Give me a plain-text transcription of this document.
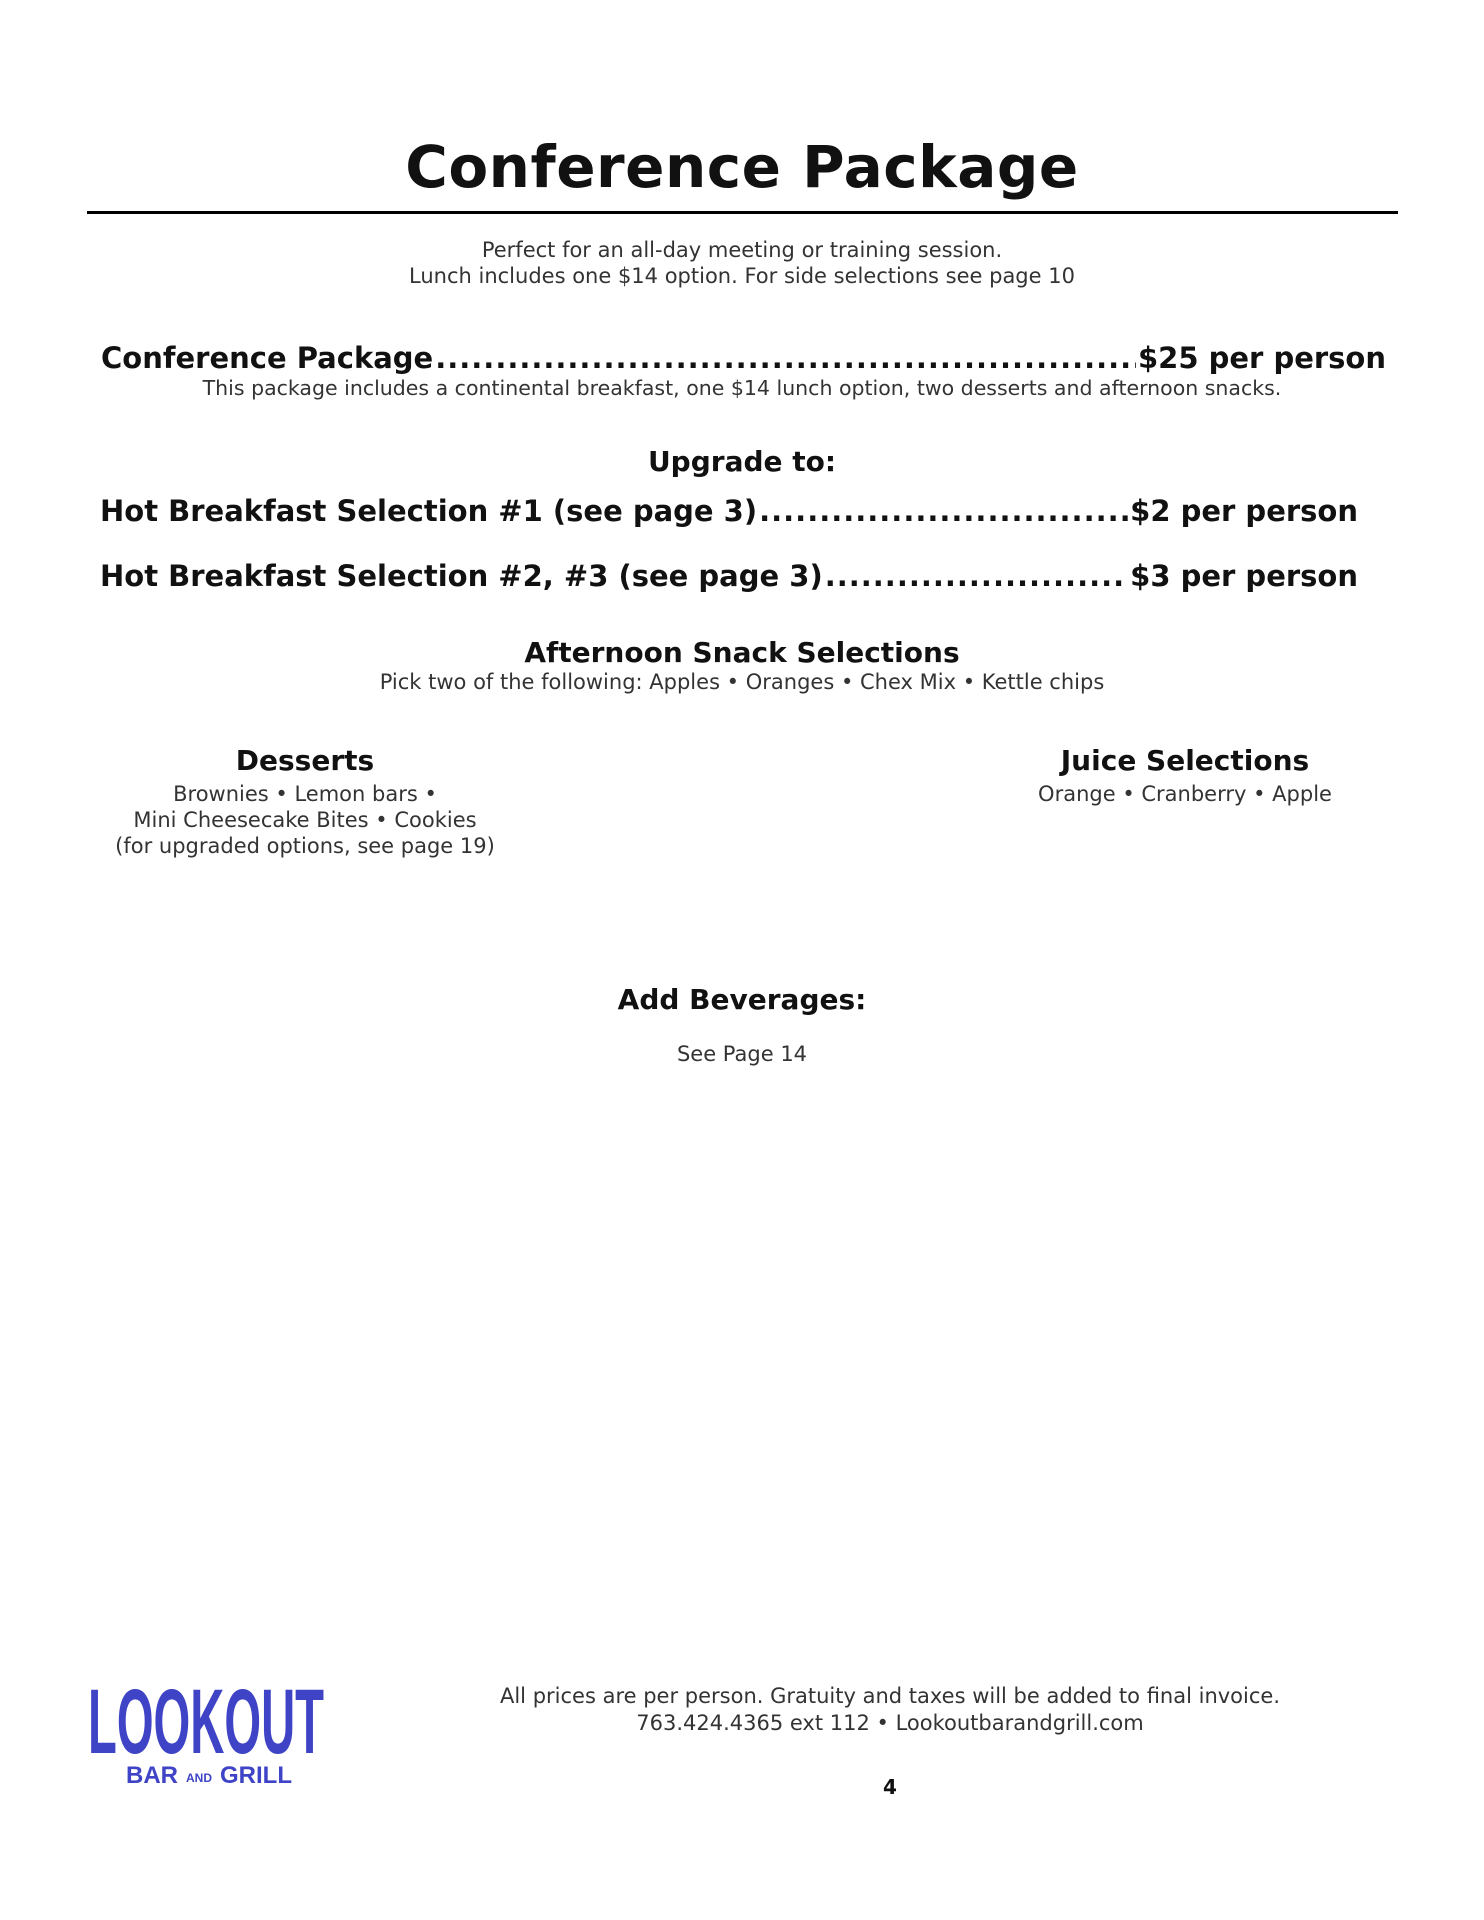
Conference Package
Perfect for an all-day meeting or training session.
Lunch includes one $14 option. For side selections see page 10
Conference Package .....	$25 per person
This package includes a continental breakfast, one $14 lunch option, two desserts and afternoon snacks.
Upgrade to:
Hot Breakfast Selection #1 (see page 3) .....	$2 per person
Hot Breakfast Selection #2, #3 (see page 3) .....	$3 per person
Afternoon Snack Selections
Pick two of the following: Apples • Oranges • Chex Mix • Kettle chips
Desserts
Brownies • Lemon bars •
Mini Cheesecake Bites • Cookies
(for upgraded options, see page 19)
Juice Selections
Orange • Cranberry • Apple
Add Beverages:
See Page 14
LOOKOUT
BAR AND GRILL
All prices are per person. Gratuity and taxes will be added to final invoice.
763.424.4365 ext 112 • Lookoutbarandgrill.com
4
